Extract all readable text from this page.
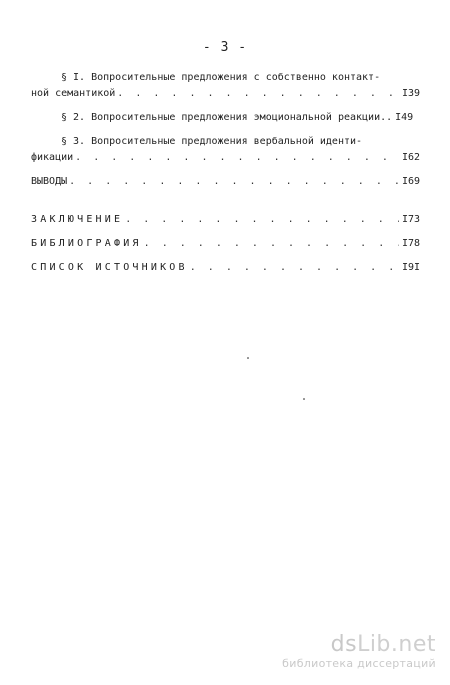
- 3 -
§ I. Вопросительные предложения с собственно контакт-
ной семантикой . . .	I39
§ 2. Вопросительные предложения эмоциональной реакции.. I49
§ 3. Вопросительные предложения вербальной иденти-
фикации . . .	I62
ВЫВОДЫ . . .	I69
ЗАКЛЮЧЕНИЕ . . .	I73
БИБЛИОГРАФИЯ . . .	I78
СПИСОК ИСТОЧНИКОВ . . .	I9I
dsLib.net
библиотека диссертаций
